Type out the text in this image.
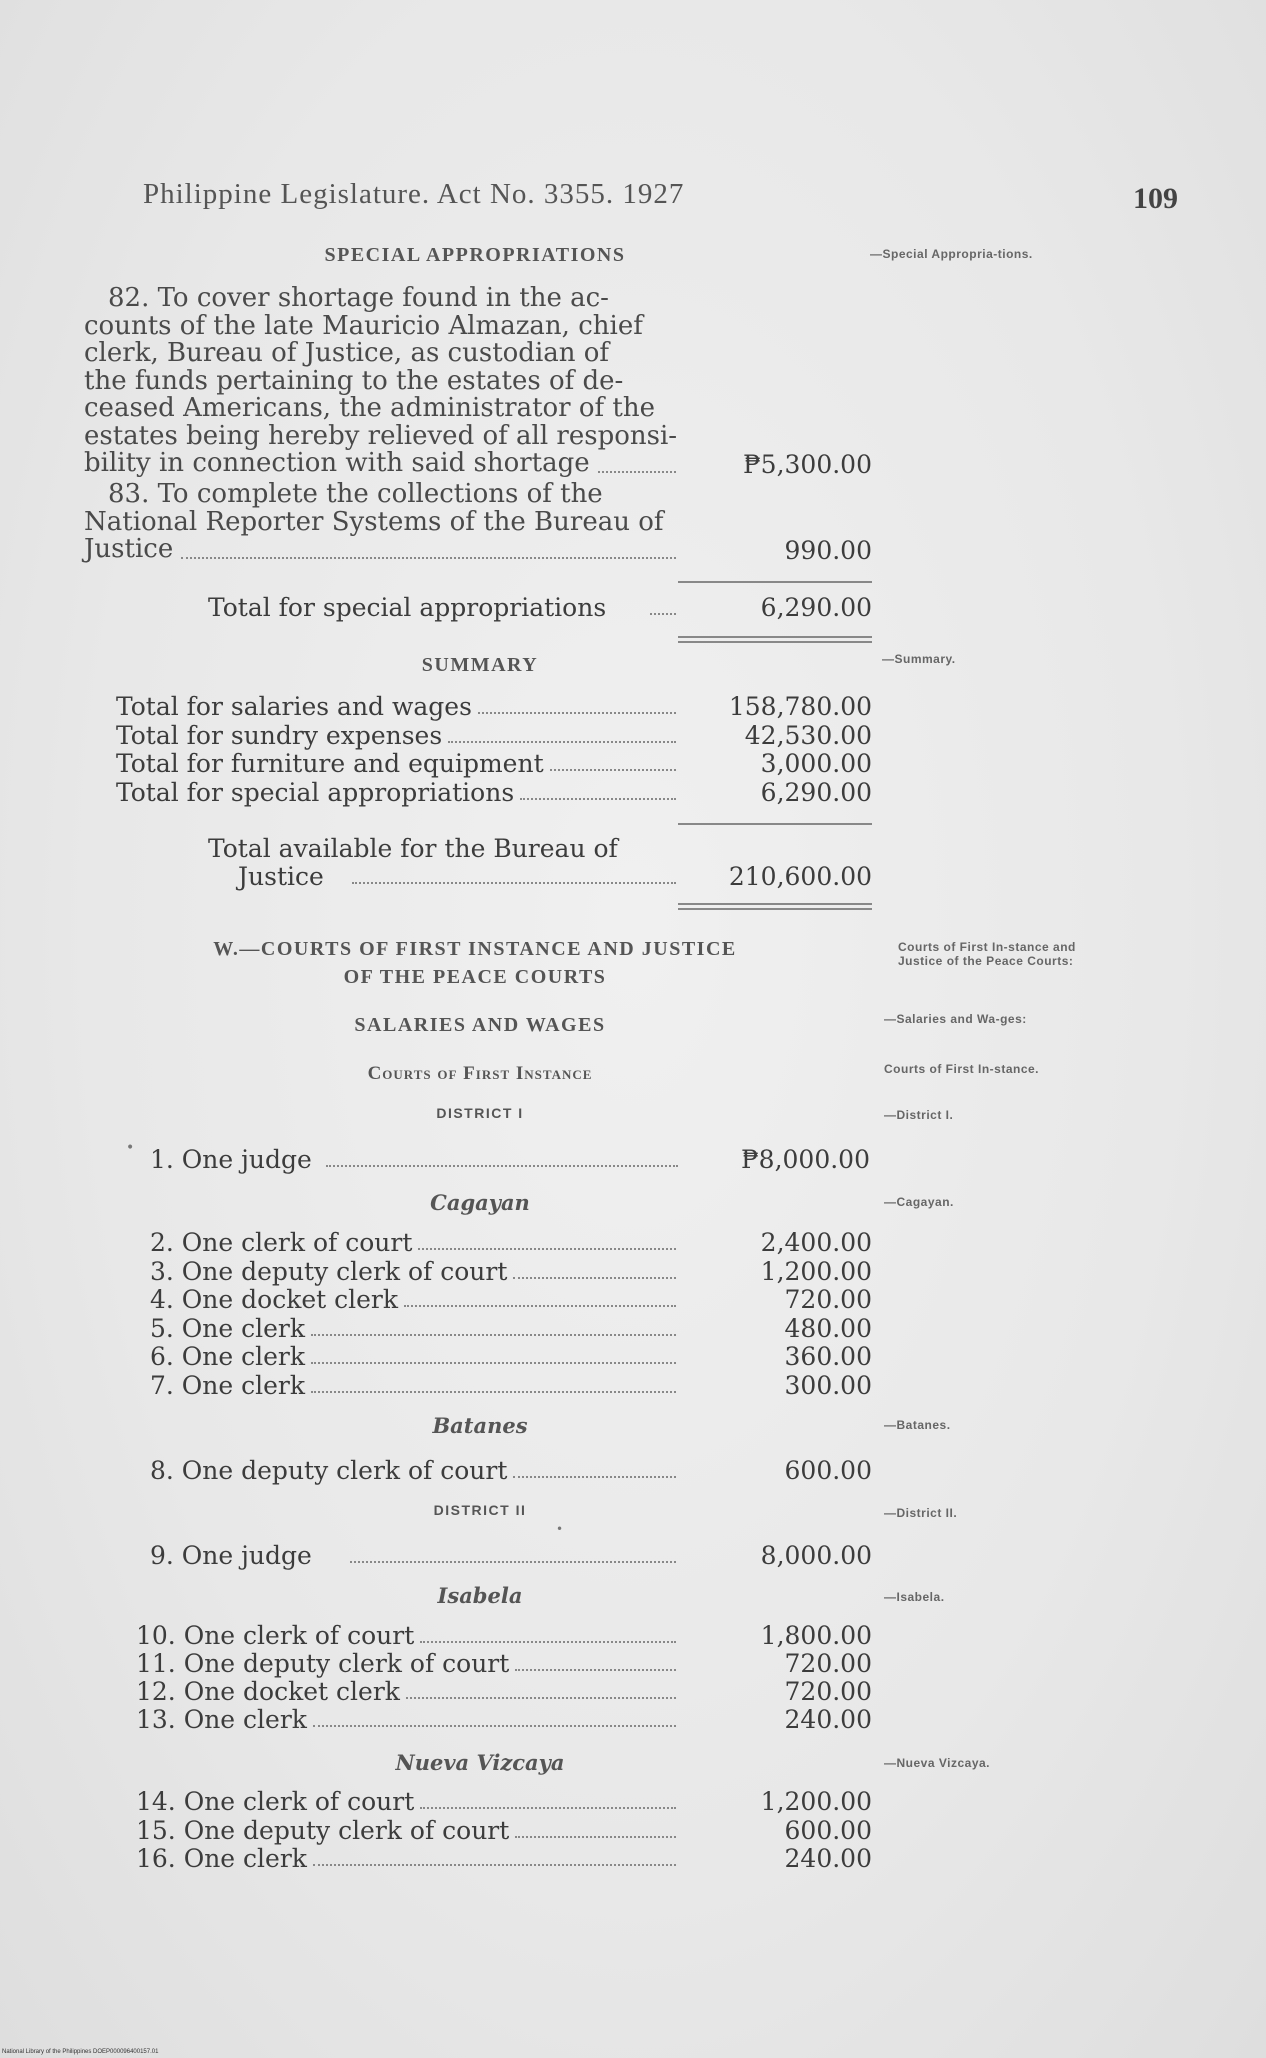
Philippine Legislature. Act No. 3355. 1927	109
SPECIAL APPROPRIATIONS	—Special Appropria-tions.
82. To cover shortage found in the ac-
counts of the late Mauricio Almazan, chief
clerk, Bureau of Justice, as custodian of
the funds pertaining to the estates of de-
ceased Americans, the administrator of the
estates being hereby relieved of all responsi-
bility in connection with said shortage	₱5,300.00
83. To complete the collections of the
National Reporter Systems of the Bureau of
Justice	990.00
Total for special appropriations	6,290.00
SUMMARY	—Summary.
Total for salaries and wages	158,780.00
Total for sundry expenses	42,530.00
Total for furniture and equipment	3,000.00
Total for special appropriations	6,290.00
Total available for the Bureau of
Justice	210,600.00
W.—COURTS OF FIRST INSTANCE AND JUSTICE
OF THE PEACE COURTS
Courts of First In-stance and Justice of the Peace Courts:
SALARIES AND WAGES	—Salaries and Wa-ges:
Courts of First Instance	Courts of First In-stance.
DISTRICT I	—District I.
• 1. One judge	₱8,000.00
Cagayan	—Cagayan.
2. One clerk of court	2,400.00
3. One deputy clerk of court	1,200.00
4. One docket clerk	720.00
5. One clerk	480.00
6. One clerk	360.00
7. One clerk	300.00
Batanes	—Batanes.
8. One deputy clerk of court	600.00
DISTRICT II	—District II.
•
9. One judge	8,000.00
Isabela	—Isabela.
10. One clerk of court	1,800.00
11. One deputy clerk of court	720.00
12. One docket clerk	720.00
13. One clerk	240.00
Nueva Vizcaya	—Nueva Vizcaya.
14. One clerk of court	1,200.00
15. One deputy clerk of court	600.00
16. One clerk	240.00
National Library of the Philippines DOEP000096400157.01
